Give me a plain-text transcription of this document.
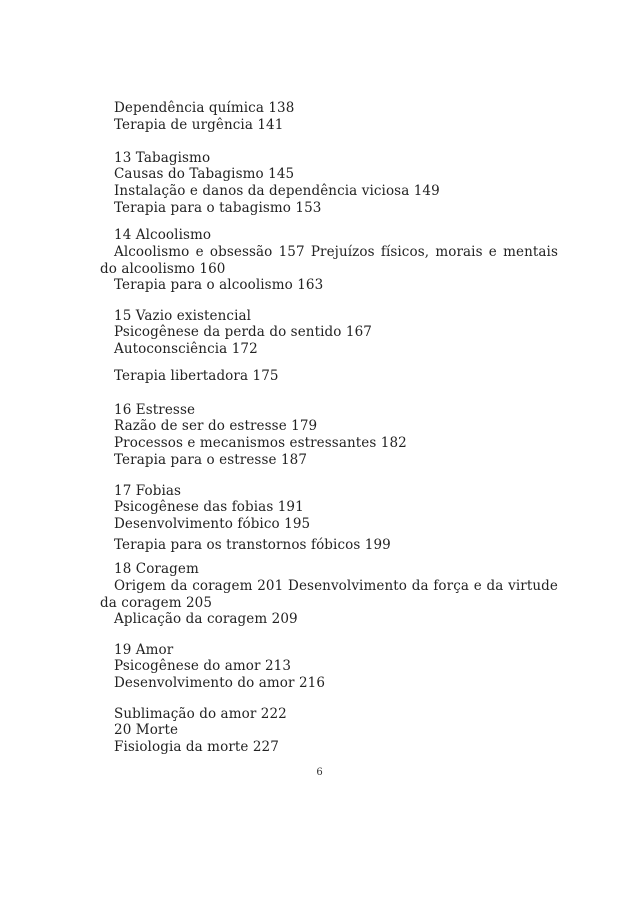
Dependência química 138
Terapia de urgência 141
13 Tabagismo
Causas do Tabagismo 145
Instalação e danos da dependência viciosa 149
Terapia para o tabagismo 153
14 Alcoolismo
Alcoolismo e obsessão 157 Prejuízos físicos, morais e mentais
do alcoolismo 160
Terapia para o alcoolismo 163
15 Vazio existencial
Psicogênese da perda do sentido 167
Autoconsciência 172
Terapia libertadora 175
16 Estresse
Razão de ser do estresse 179
Processos e mecanismos estressantes 182
Terapia para o estresse 187
17 Fobias
Psicogênese das fobias 191
Desenvolvimento fóbico 195
Terapia para os transtornos fóbicos 199
18 Coragem
Origem da coragem 201 Desenvolvimento da força e da virtude
da coragem 205
Aplicação da coragem 209
19 Amor
Psicogênese do amor 213
Desenvolvimento do amor 216
Sublimação do amor 222
20 Morte
Fisiologia da morte 227
6
